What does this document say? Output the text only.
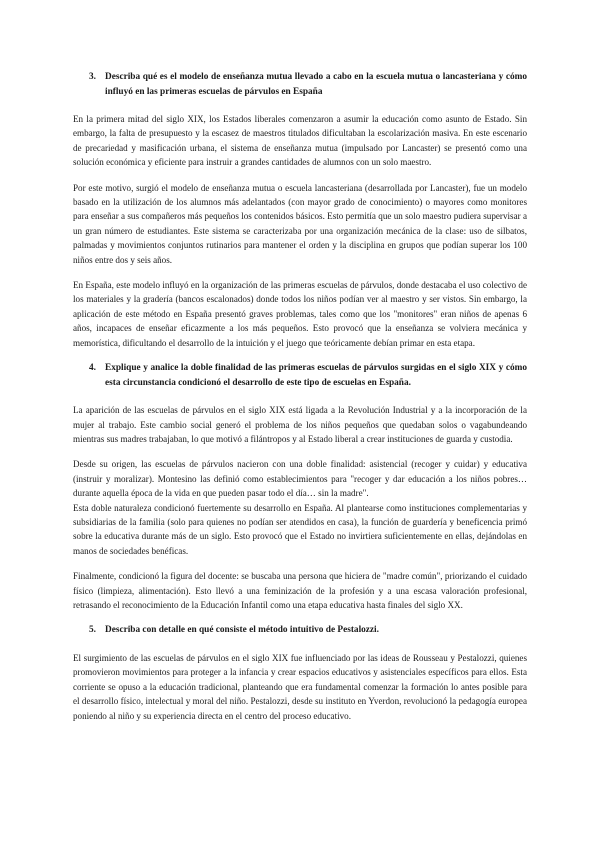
3. Describa qué es el modelo de enseñanza mutua llevado a cabo en la escuela mutua o lancasteriana y cómo influyó en las primeras escuelas de párvulos en España

En la primera mitad del siglo XIX, los Estados liberales comenzaron a asumir la educación como asunto de Estado. Sin embargo, la falta de presupuesto y la escasez de maestros titulados dificultaban la escolarización masiva. En este escenario de precariedad y masificación urbana, el sistema de enseñanza mutua (impulsado por Lancaster) se presentó como una solución económica y eficiente para instruir a grandes cantidades de alumnos con un solo maestro.

Por este motivo, surgió el modelo de enseñanza mutua o escuela lancasteriana (desarrollada por Lancaster), fue un modelo basado en la utilización de los alumnos más adelantados (con mayor grado de conocimiento) o mayores como monitores para enseñar a sus compañeros más pequeños los contenidos básicos. Esto permitía que un solo maestro pudiera supervisar a un gran número de estudiantes. Este sistema se caracterizaba por una organización mecánica de la clase: uso de silbatos, palmadas y movimientos conjuntos rutinarios para mantener el orden y la disciplina en grupos que podían superar los 100 niños entre dos y seis años.

En España, este modelo influyó en la organización de las primeras escuelas de párvulos, donde destacaba el uso colectivo de los materiales y la gradería (bancos escalonados) donde todos los niños podían ver al maestro y ser vistos. Sin embargo, la aplicación de este método en España presentó graves problemas, tales como que los "monitores" eran niños de apenas 6 años, incapaces de enseñar eficazmente a los más pequeños. Esto provocó que la enseñanza se volviera mecánica y memorística, dificultando el desarrollo de la intuición y el juego que teóricamente debían primar en esta etapa.

4. Explique y analice la doble finalidad de las primeras escuelas de párvulos surgidas en el siglo XIX y cómo esta circunstancia condicionó el desarrollo de este tipo de escuelas en España.

La aparición de las escuelas de párvulos en el siglo XIX está ligada a la Revolución Industrial y a la incorporación de la mujer al trabajo. Este cambio social generó el problema de los niños pequeños que quedaban solos o vagabundeando mientras sus madres trabajaban, lo que motivó a filántropos y al Estado liberal a crear instituciones de guarda y custodia.

Desde su origen, las escuelas de párvulos nacieron con una doble finalidad: asistencial (recoger y cuidar) y educativa (instruir y moralizar). Montesino las definió como establecimientos para "recoger y dar educación a los niños pobres… durante aquella época de la vida en que pueden pasar todo el día… sin la madre".

Esta doble naturaleza condicionó fuertemente su desarrollo en España. Al plantearse como instituciones complementarias y subsidiarias de la familia (solo para quienes no podían ser atendidos en casa), la función de guardería y beneficencia primó sobre la educativa durante más de un siglo. Esto provocó que el Estado no invirtiera suficientemente en ellas, dejándolas en manos de sociedades benéficas.

Finalmente, condicionó la figura del docente: se buscaba una persona que hiciera de "madre común", priorizando el cuidado físico (limpieza, alimentación). Esto llevó a una feminización de la profesión y a una escasa valoración profesional, retrasando el reconocimiento de la Educación Infantil como una etapa educativa hasta finales del siglo XX.

5. Describa con detalle en qué consiste el método intuitivo de Pestalozzi.

El surgimiento de las escuelas de párvulos en el siglo XIX fue influenciado por las ideas de Rousseau y Pestalozzi, quienes promovieron movimientos para proteger a la infancia y crear espacios educativos y asistenciales específicos para ellos. Esta corriente se opuso a la educación tradicional, planteando que era fundamental comenzar la formación lo antes posible para el desarrollo físico, intelectual y moral del niño. Pestalozzi, desde su instituto en Yverdon, revolucionó la pedagogía europea poniendo al niño y su experiencia directa en el centro del proceso educativo.
